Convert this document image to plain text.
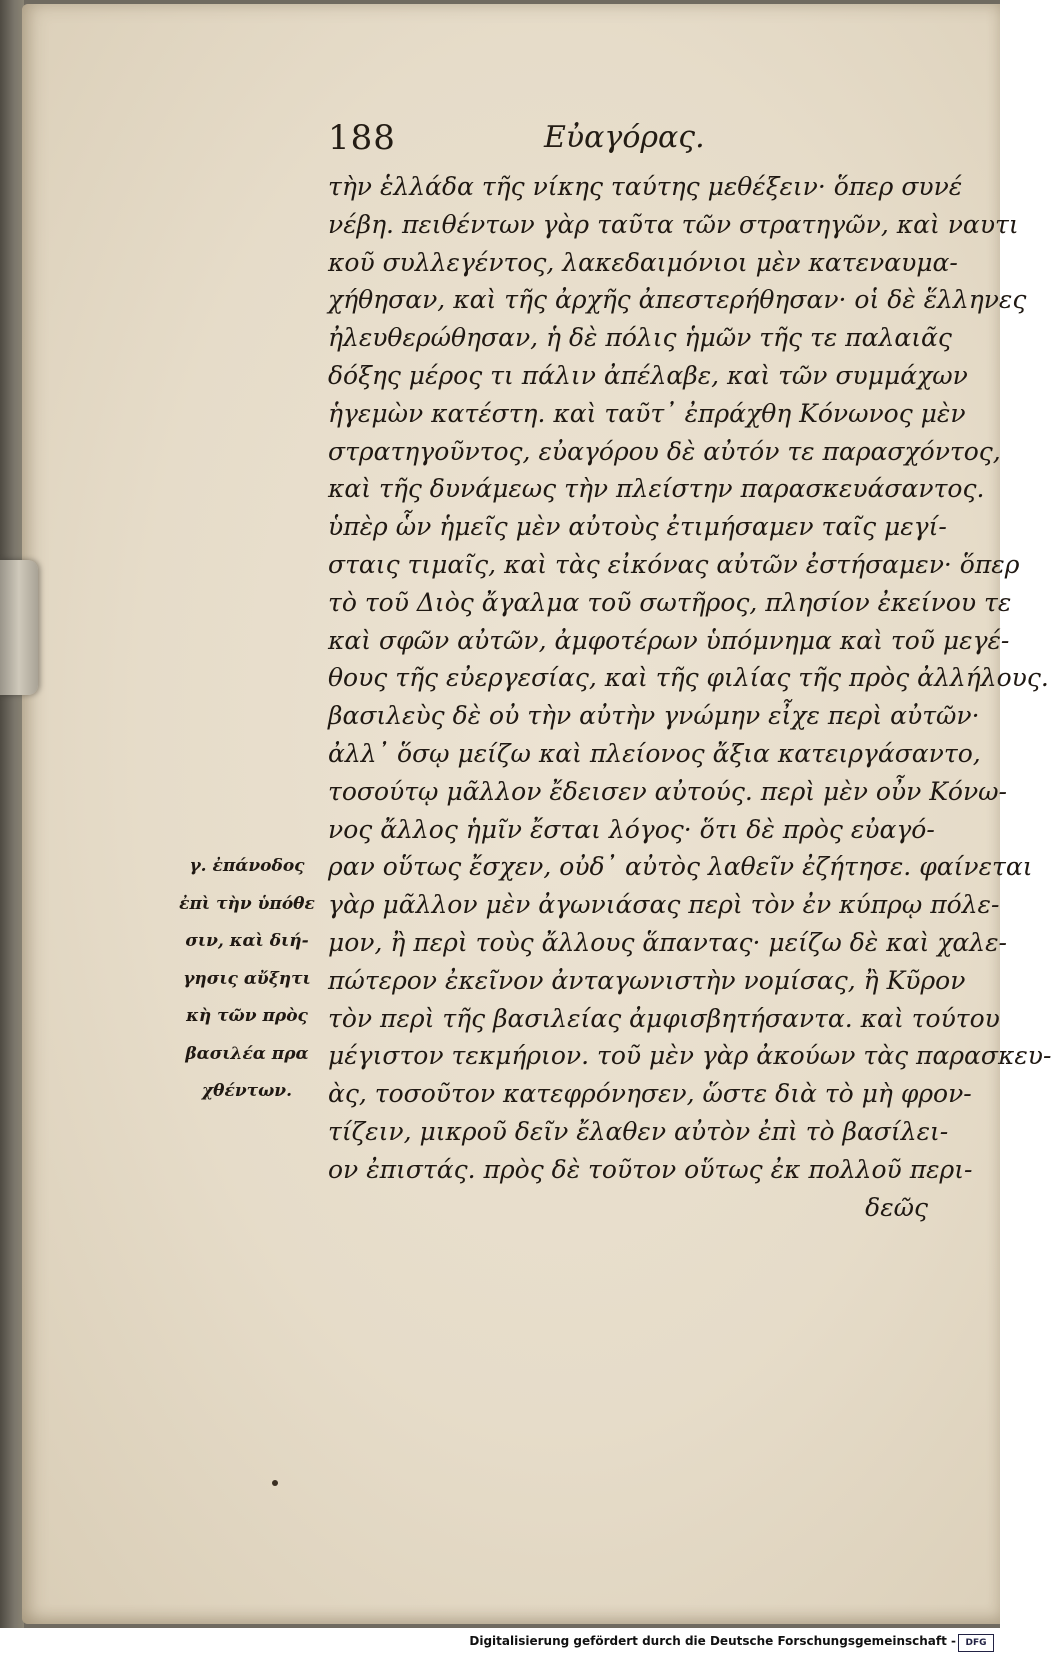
188	Εὐαγόρας.
τὴν ἑλλάδα τῆς νίκης ταύτης μεθέξειν· ὅπερ συνέ
νέβη. πειθέντων γὰρ ταῦτα τῶν στρατηγῶν, καὶ ναυτι
κοῦ συλλεγέντος, λακεδαιμόνιοι μὲν κατεναυμα-
χήθησαν, καὶ τῆς ἀρχῆς ἀπεστερήθησαν· οἱ δὲ ἕλληνες
ἠλευθερώθησαν, ἡ δὲ πόλις ἡμῶν τῆς τε παλαιᾶς
δόξης μέρος τι πάλιν ἀπέλαβε, καὶ τῶν συμμάχων
ἡγεμὼν κατέστη. καὶ ταῦτ᾽ ἐπράχθη Κόνωνος μὲν
στρατηγοῦντος, εὐαγόρου δὲ αὐτόν τε παρασχόντος,
καὶ τῆς δυνάμεως τὴν πλείστην παρασκευάσαντος.
ὑπὲρ ὧν ἡμεῖς μὲν αὐτοὺς ἐτιμήσαμεν ταῖς μεγί-
σταις τιμαῖς, καὶ τὰς εἰκόνας αὐτῶν ἐστήσαμεν· ὅπερ
τὸ τοῦ Διὸς ἄγαλμα τοῦ σωτῆρος, πλησίον ἐκείνου τε
καὶ σφῶν αὐτῶν, ἀμφοτέρων ὑπόμνημα καὶ τοῦ μεγέ-
θους τῆς εὐεργεσίας, καὶ τῆς φιλίας τῆς πρὸς ἀλλήλους.
βασιλεὺς δὲ οὐ τὴν αὐτὴν γνώμην εἶχε περὶ αὐτῶν·
ἀλλ᾽ ὅσῳ μείζω καὶ πλείονος ἄξια κατειργάσαντο,
τοσούτῳ μᾶλλον ἔδεισεν αὐτούς. περὶ μὲν οὖν Κόνω-
νος ἄλλος ἡμῖν ἔσται λόγος· ὅτι δὲ πρὸς εὐαγό-
ραν οὕτως ἔσχεν, οὐδ᾽ αὐτὸς λαθεῖν ἐζήτησε. φαίνεται
γὰρ μᾶλλον μὲν ἀγωνιάσας περὶ τὸν ἐν κύπρῳ πόλε-
μον, ἢ περὶ τοὺς ἄλλους ἅπαντας· μείζω δὲ καὶ χαλε-
πώτερον ἐκεῖνον ἀνταγωνιστὴν νομίσας, ἢ Κῦρον
τὸν περὶ τῆς βασιλείας ἀμφισβητήσαντα. καὶ τούτου
μέγιστον τεκμήριον. τοῦ μὲν γὰρ ἀκούων τὰς παρασκευ-
ὰς, τοσοῦτον κατεφρόνησεν, ὥστε διὰ τὸ μὴ φρον-
τίζειν, μικροῦ δεῖν ἔλαθεν αὐτὸν ἐπὶ τὸ βασίλει-
ον ἐπιστάς. πρὸς δὲ τοῦτον οὕτως ἐκ πολλοῦ περι-
δεῶς
γ. ἐπάνοδος
ἐπὶ τὴν ὑπόθε
σιν, καὶ διή-
γησις αὔξητι
κὴ τῶν πρὸς
βασιλέα πρα
χθέντων.
Digitalisierung gefördert durch die Deutsche Forschungsgemeinschaft -	DFG
